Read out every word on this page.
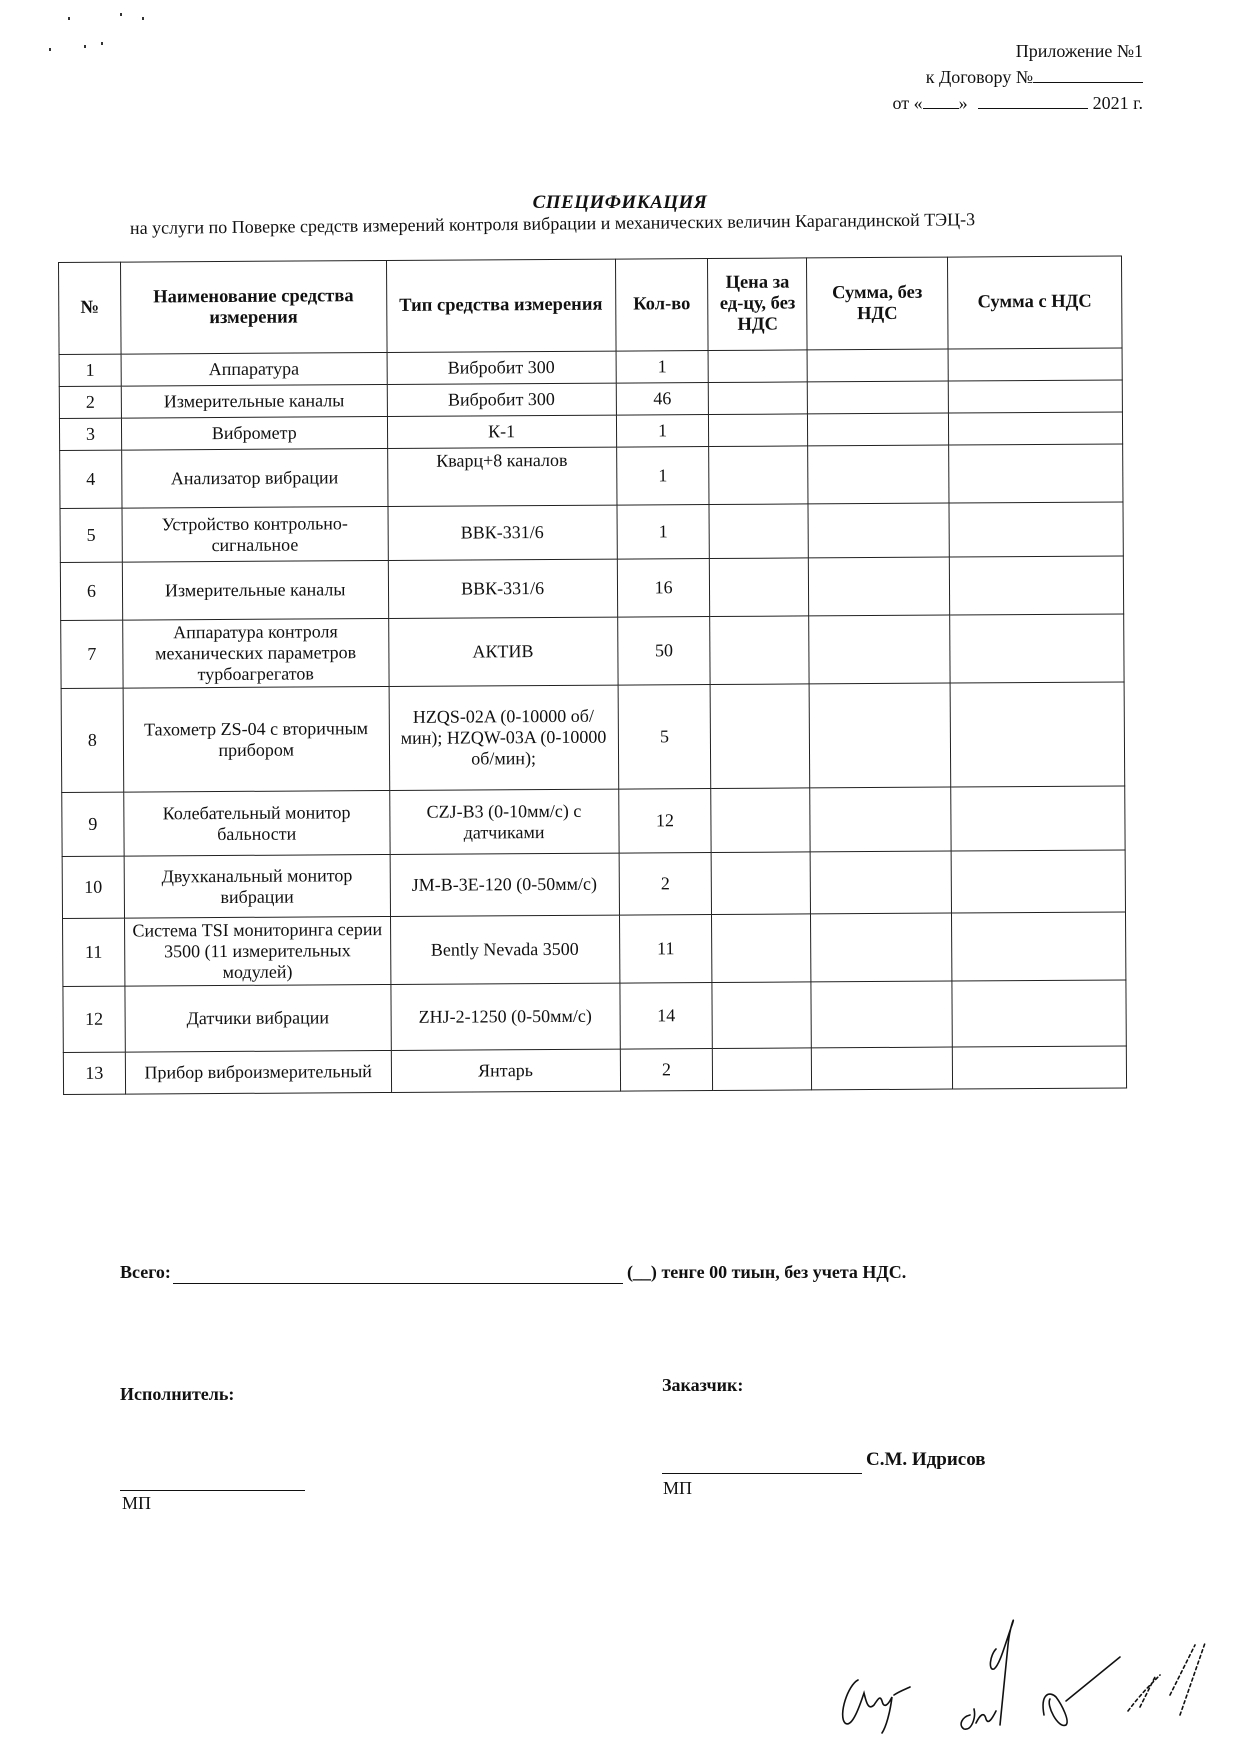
Приложение №1
к Договору №
от « »	2021 г.
СПЕЦИФИКАЦИЯ
на услуги по Поверке средств измерений контроля вибрации и механических величин Карагандинской ТЭЦ-3
№	Наименование средства измерения	Тип средства измерения	Кол-во	Цена за ед-цу, без НДС	Сумма, без НДС	Сумма с НДС
1	Аппаратура	Вибробит 300	1			
2	Измерительные каналы	Вибробит 300	46			
3	Виброметр	К-1	1			
4	Анализатор вибрации	Кварц+8 каналов	1			
5	Устройство контрольно-сигнальное	ВВК-331/6	1			
6	Измерительные каналы	ВВК-331/6	16			
7	Аппаратура контроля механических параметров турбоагрегатов	АКТИВ	50			
8	Тахометр ZS-04 с вторичным прибором	HZQS-02A (0-10000 об/мин); HZQW-03A (0-10000 об/мин);	5			
9	Колебательный монитор бальности	CZJ-B3 (0-10мм/с) с датчиками	12			
10	Двухканальный монитор вибрации	JM-B-3E-120 (0-50мм/с)	2			
11	Система TSI мониторинга серии 3500 (11 измерительных модулей)	Bently Nevada 3500	11			
12	Датчики вибрации	ZHJ-2-1250 (0-50мм/с)	14			
13	Прибор виброизмерительный	Янтарь	2			
Всего:	(__) тенге 00 тиын, без учета НДС.
Исполнитель:
МП
Заказчик:
С.М. Идрисов
МП
